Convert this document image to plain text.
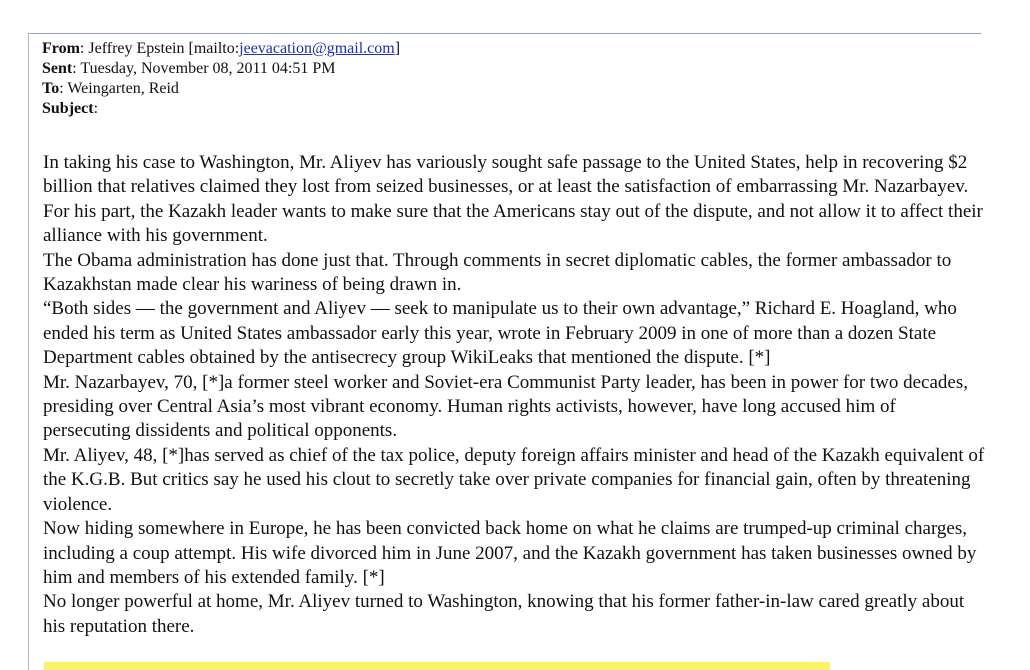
From: Jeffrey Epstein [mailto:jeevacation@gmail.com]
Sent: Tuesday, November 08, 2011 04:51 PM
To: Weingarten, Reid
Subject:

In taking his case to Washington, Mr. Aliyev has variously sought safe passage to the United States, help in recovering $2 billion that relatives claimed they lost from seized businesses, or at least the satisfaction of embarrassing Mr. Nazarbayev. For his part, the Kazakh leader wants to make sure that the Americans stay out of the dispute, and not allow it to affect their alliance with his government.

The Obama administration has done just that. Through comments in secret diplomatic cables, the former ambassador to Kazakhstan made clear his wariness of being drawn in.

“Both sides — the government and Aliyev — seek to manipulate us to their own advantage,” Richard E. Hoagland, who ended his term as United States ambassador early this year, wrote in February 2009 in one of more than a dozen State Department cables obtained by the antisecrecy group WikiLeaks that mentioned the dispute. [*]

Mr. Nazarbayev, 70, [*]a former steel worker and Soviet-era Communist Party leader, has been in power for two decades, presiding over Central Asia’s most vibrant economy. Human rights activists, however, have long accused him of persecuting dissidents and political opponents.

Mr. Aliyev, 48, [*]has served as chief of the tax police, deputy foreign affairs minister and head of the Kazakh equivalent of the K.G.B. But critics say he used his clout to secretly take over private companies for financial gain, often by threatening violence.

Now hiding somewhere in Europe, he has been convicted back home on what he claims are trumped-up criminal charges, including a coup attempt. His wife divorced him in June 2007, and the Kazakh government has taken businesses owned by him and members of his extended family. [*]

No longer powerful at home, Mr. Aliyev turned to Washington, knowing that his former father-in-law cared greatly about his reputation there.
